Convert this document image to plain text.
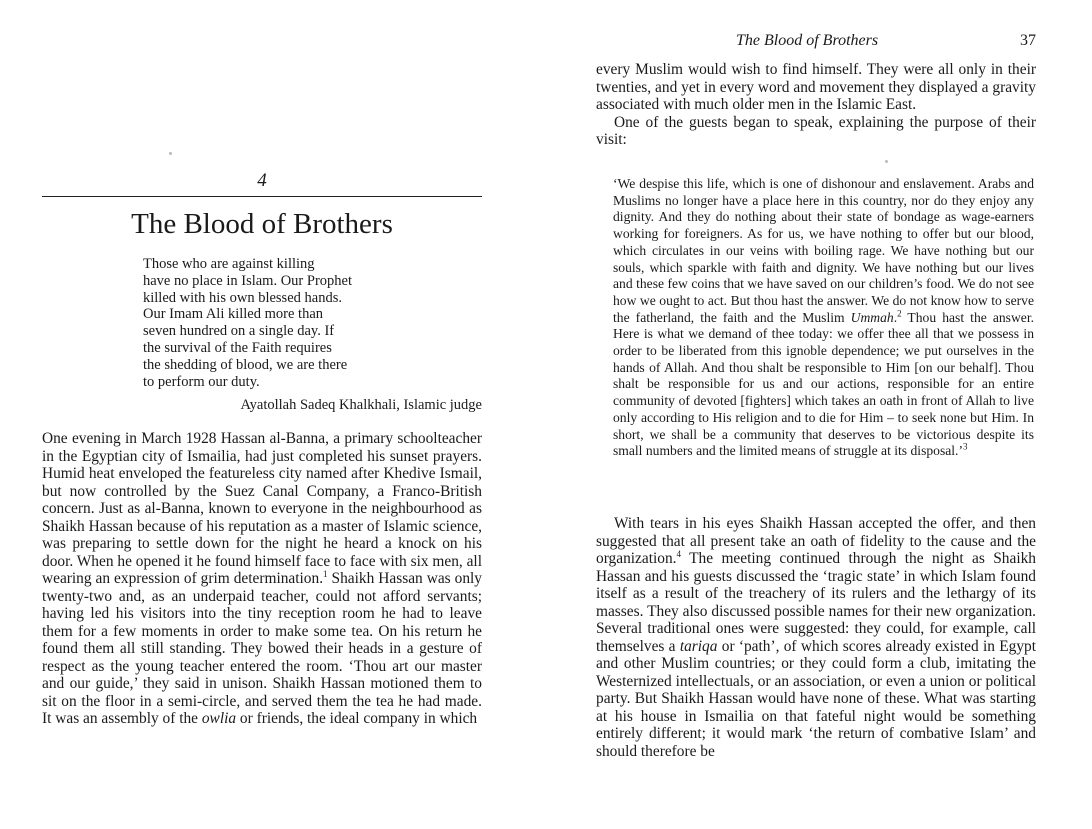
4
The Blood of Brothers
Those who are against killing
have no place in Islam. Our Prophet
killed with his own blessed hands.
Our Imam Ali killed more than
seven hundred on a single day. If
the survival of the Faith requires
the shedding of blood, we are there
to perform our duty.
Ayatollah Sadeq Khalkhali, Islamic judge

One evening in March 1928 Hassan al-Banna, a primary schoolteacher in the Egyptian city of Ismailia, had just completed his sunset prayers. Humid heat enveloped the featureless city named after Khedive Ismail, but now controlled by the Suez Canal Company, a Franco-British concern. Just as al-Banna, known to everyone in the neighbourhood as Shaikh Hassan because of his reputation as a master of Islamic science, was preparing to settle down for the night he heard a knock on his door. When he opened it he found himself face to face with six men, all wearing an expression of grim determination.$^1$ Shaikh Hassan was only twenty-two and, as an underpaid teacher, could not afford servants; having led his visitors into the tiny reception room he had to leave them for a few moments in order to make some tea. On his return he found them all still standing. They bowed their heads in a gesture of respect as the young teacher entered the room. ‘Thou art our master and our guide,’ they said in unison. Shaikh Hassan motioned them to sit on the floor in a semi-circle, and served them the tea he had made. It was an assembly of the owlia or friends, the ideal company in which

The Blood of Brothers	37

every Muslim would wish to find himself. They were all only in their twenties, and yet in every word and movement they displayed a gravity associated with much older men in the Islamic East.

One of the guests began to speak, explaining the purpose of their visit:

‘We despise this life, which is one of dishonour and enslavement. Arabs and Muslims no longer have a place here in this country, nor do they enjoy any dignity. And they do nothing about their state of bondage as wage-earners working for foreigners. As for us, we have nothing to offer but our blood, which circulates in our veins with boiling rage. We have nothing but our souls, which sparkle with faith and dignity. We have nothing but our lives and these few coins that we have saved on our children’s food. We do not see how we ought to act. But thou hast the answer. We do not know how to serve the fatherland, the faith and the Muslim Ummah.$^2$ Thou hast the answer. Here is what we demand of thee today: we offer thee all that we possess in order to be liberated from this ignoble dependence; we put ourselves in the hands of Allah. And thou shalt be responsible to Him [on our behalf]. Thou shalt be responsible for us and our actions, responsible for an entire community of devoted [fighters] which takes an oath in front of Allah to live only according to His religion and to die for Him – to seek none but Him. In short, we shall be a community that deserves to be victorious despite its small numbers and the limited means of struggle at its disposal.’$^3$

With tears in his eyes Shaikh Hassan accepted the offer, and then suggested that all present take an oath of fidelity to the cause and the organization.$^4$ The meeting continued through the night as Shaikh Hassan and his guests discussed the ‘tragic state’ in which Islam found itself as a result of the treachery of its rulers and the lethargy of its masses. They also discussed possible names for their new organization. Several traditional ones were suggested: they could, for example, call themselves a tariqa or ‘path’, of which scores already existed in Egypt and other Muslim countries; or they could form a club, imitating the Westernized intellectuals, or an association, or even a union or political party. But Shaikh Hassan would have none of these. What was starting at his house in Ismailia on that fateful night would be something entirely different; it would mark ‘the return of combative Islam’ and should therefore be
